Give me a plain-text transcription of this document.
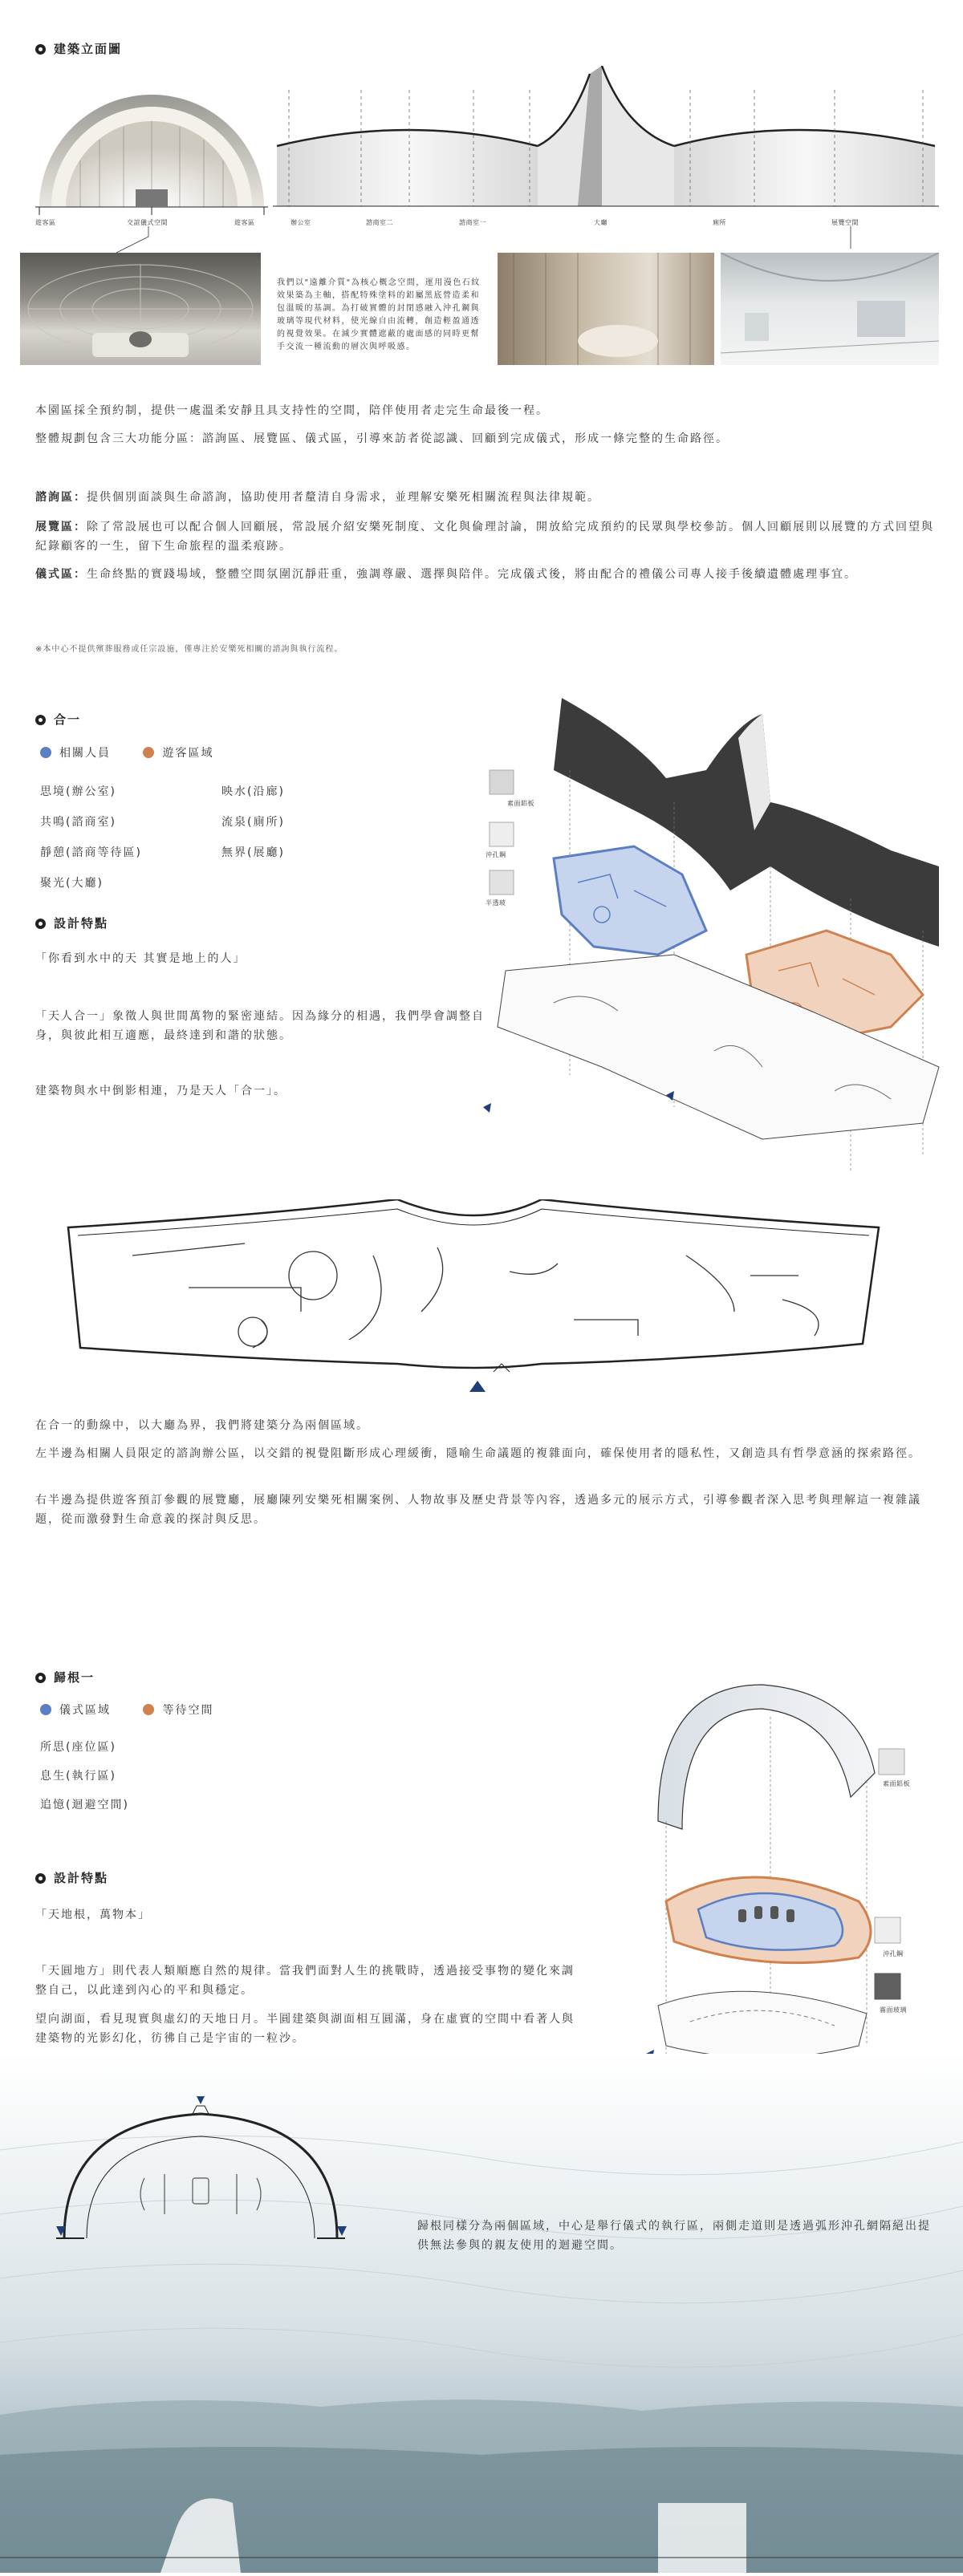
建築立面圖
遊客區	交誼儀式空間	遊客區	辦公室	諮商室二	諮商室一	大廳	廁所	展覽空間
我們以"遠離介質"為核心概念空間，運用漫色石紋效果築為主軸，搭配特殊塗料的鋁屬黑底營造柔和包溫暖的基調。為打破實體的封閉感融入沖孔鋼與玻璃等現代材料，使光線自由流轉，創造輕盈通透的視覺效果。在減少實體遮蔽的處面感的同時更幫手交流一種流動的層次與呼吸感。
本園區採全預約制，提供一處溫柔安靜且具支持性的空間，陪伴使用者走完生命最後一程。
整體規劃包含三大功能分區：諮詢區、展覽區、儀式區，引導來訪者從認識、回顧到完成儀式，形成一條完整的生命路徑。
諮詢區：提供個別面談與生命諮詢，協助使用者釐清自身需求，並理解安樂死相關流程與法律規範。
展覽區：除了常設展也可以配合個人回顧展，常設展介紹安樂死制度、文化與倫理討論，開放給完成預約的民眾與學校參訪。個人回顧展則以展覽的方式回望與紀錄顧客的一生，留下生命旅程的溫柔痕跡。
儀式區：生命終點的實踐場域，整體空間氛圍沉靜莊重，強調尊嚴、選擇與陪伴。完成儀式後，將由配合的禮儀公司專人接手後續遺體處理事宜。
※本中心不提供殯葬服務或任宗設施，僅專注於安樂死相關的諮詢與執行流程。
合一
相關人員	遊客區域
思境(辦公室)
共鳴(諮商室)
靜憩(諮商等待區)
聚光(大廳)
映水(沿廊)
流泉(廁所)
無界(展廳)
設計特點
「你看到水中的天 其實是地上的人」
「天人合一」象徵人與世間萬物的緊密連結。因為緣分的相遇，我們學會調整自身，與彼此相互適應，最終達到和諧的狀態。
建築物與水中倒影相連，乃是天人「合一」。
素面鋁板
沖孔鋼
半透玻
在合一的動線中，以大廳為界，我們將建築分為兩個區域。
左半邊為相關人員限定的諮詢辦公區，以交錯的視覺阻斷形成心理緩衝，隱喻生命議題的複雜面向，確保使用者的隱私性，又創造具有哲學意涵的探索路徑。
右半邊為提供遊客預訂參觀的展覽廳，展廳陳列安樂死相關案例、人物故事及歷史背景等內容，透過多元的展示方式，引導參觀者深入思考與理解這一複雜議題，從而激發對生命意義的探討與反思。
歸根一
儀式區域	等待空間
所思(座位區)
息生(執行區)
追憶(迴避空間)
設計特點
「天地根，萬物本」
「天圓地方」則代表人類順應自然的規律。當我們面對人生的挑戰時，透過接受事物的變化來調整自己，以此達到內心的平和與穩定。
望向湖面，看見現實與虛幻的天地日月。半圓建築與湖面相互圓滿，身在虛實的空間中看著人與建築物的光影幻化，彷彿自己是宇宙的一粒沙。
素面鋁板
沖孔鋼
霧面玻璃
歸根同樣分為兩個區域，中心是舉行儀式的執行區，兩側走道則是透過弧形沖孔網隔絕出提供無法參與的親友使用的迴避空間。
